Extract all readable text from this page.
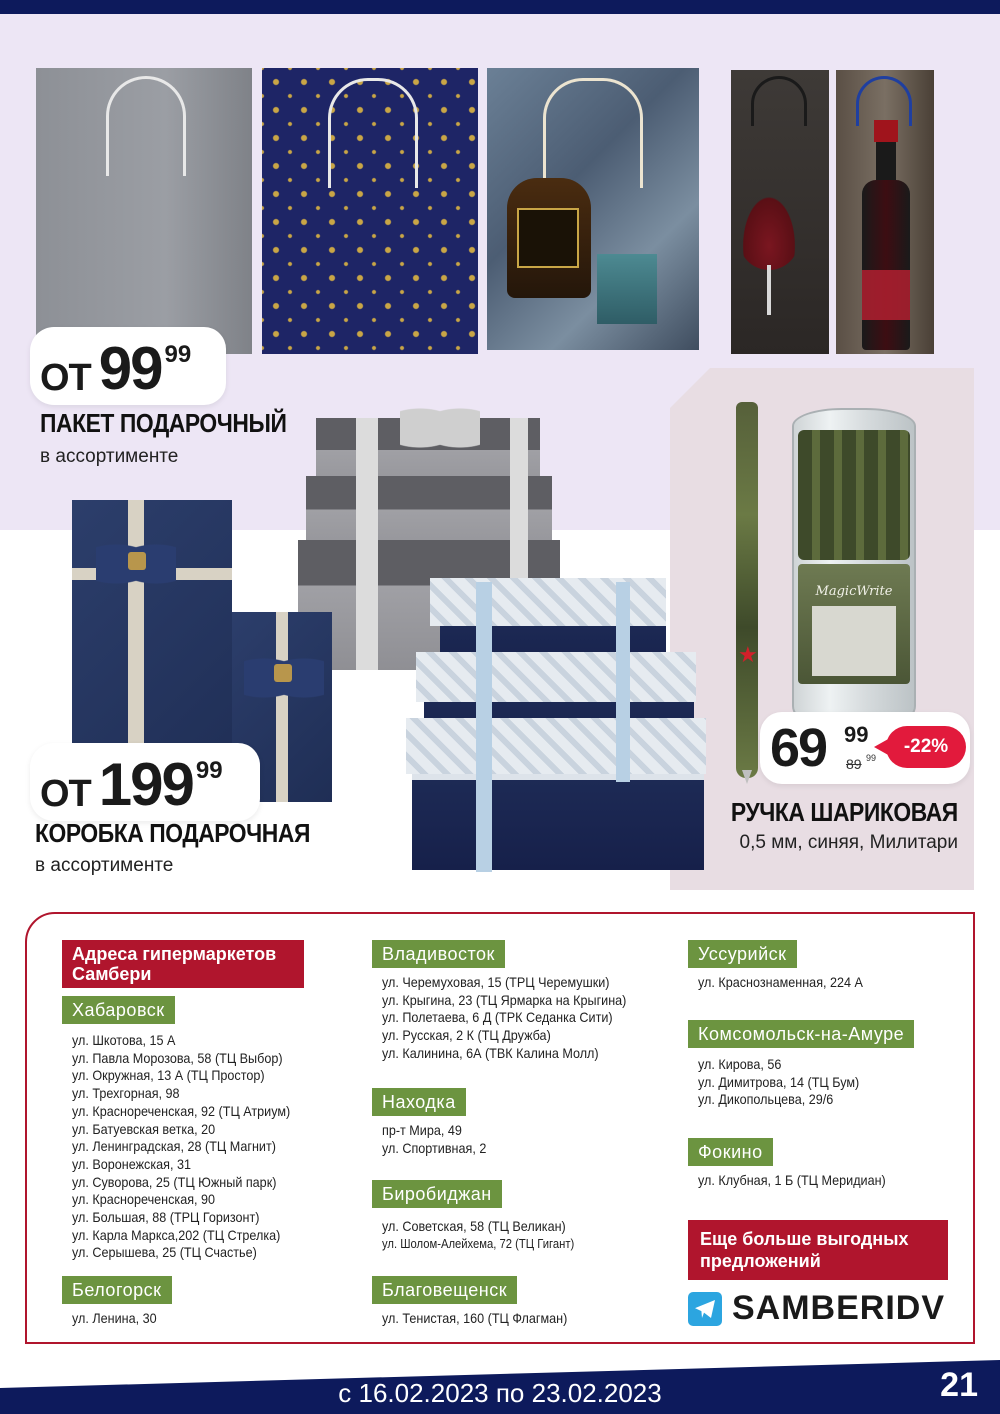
MagicWrite
★
ОТ 99 99
ПАКЕТ ПОДАРОЧНЫЙ
в ассортименте
ОТ 199 99
КОРОБКА ПОДАРОЧНАЯ
в ассортименте
69 99
89 99
-22%
РУЧКА ШАРИКОВАЯ
0,5 мм, синяя, Милитари
Адреса гипермаркетов Самбери
Хабаровск
ул. Шкотова, 15 А
ул. Павла Морозова, 58 (ТЦ Выбор)
ул. Окружная, 13 А (ТЦ Простор)
ул. Трехгорная, 98
ул. Краснореченская, 92 (ТЦ Атриум)
ул. Батуевская ветка, 20
ул. Ленинградская, 28 (ТЦ Магнит)
ул. Воронежская, 31
ул. Суворова, 25 (ТЦ Южный парк)
ул. Краснореченская, 90
ул. Большая, 88 (ТРЦ Горизонт)
ул. Карла Маркса,202 (ТЦ Стрелка)
ул. Серышева, 25 (ТЦ Счастье)
Белогорск
ул. Ленина, 30
Владивосток
ул. Черемуховая, 15 (ТРЦ Черемушки)
ул. Крыгина, 23 (ТЦ Ярмарка на Крыгина)
ул. Полетаева, 6 Д (ТРК Седанка Сити)
ул. Русская, 2 К (ТЦ Дружба)
ул. Калинина, 6А (ТВК Калина Молл)
Находка
пр-т Мира, 49
ул. Спортивная, 2
Биробиджан
ул. Советская, 58 (ТЦ Великан)
ул. Шолом-Алейхема, 72 (ТЦ Гигант)
Благовещенск
ул. Тенистая, 160 (ТЦ Флагман)
Уссурийск
ул. Краснознаменная, 224 А
Комсомольск-на-Амуре
ул. Кирова, 56
ул. Димитрова, 14 (ТЦ Бум)
ул. Дикопольцева, 29/6
Фокино
ул. Клубная, 1 Б (ТЦ Меридиан)
Еще больше выгодных предложений
SAMBERIDV
с 16.02.2023 по 23.02.2023	21
